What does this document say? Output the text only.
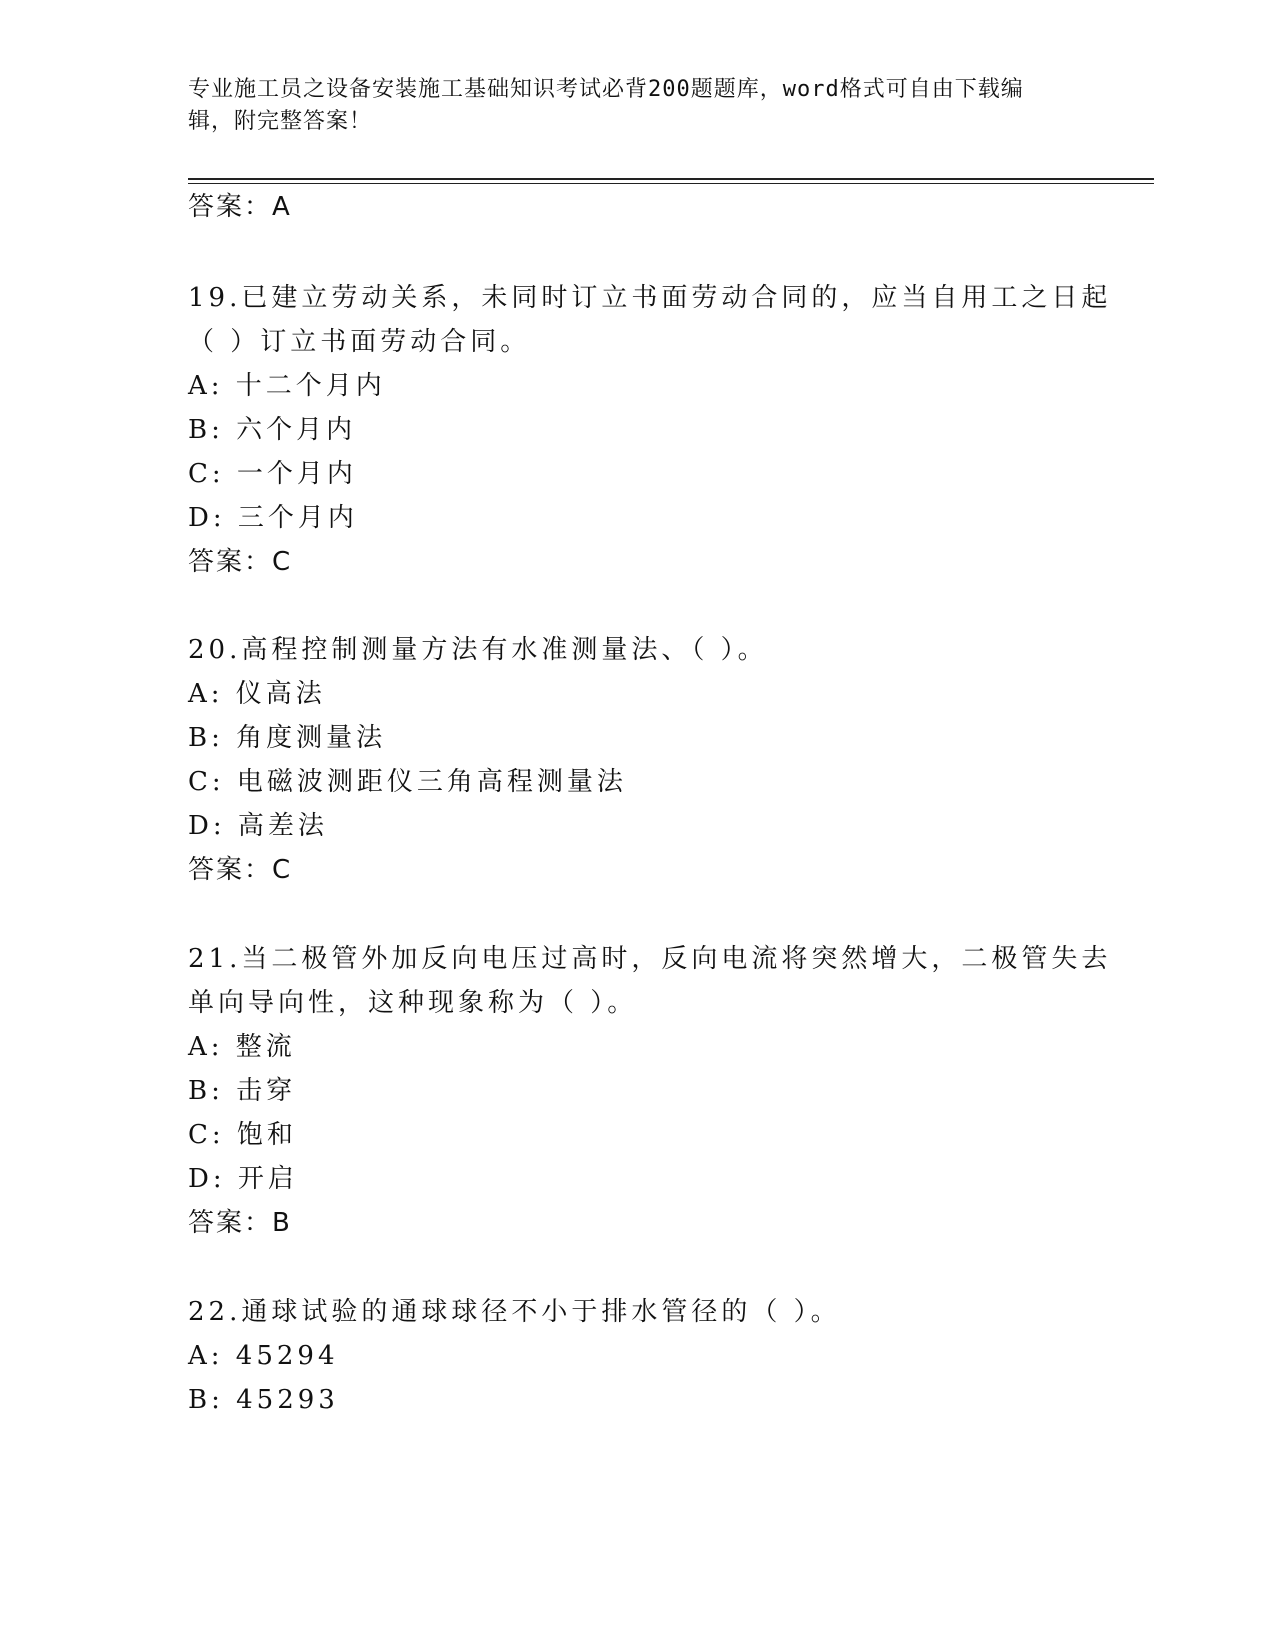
专业施工员之设备安装施工基础知识考试必背200题题库，word格式可自由下载编辑，附完整答案！
答案：A
19.已建立劳动关系，未同时订立书面劳动合同的，应当自用工之日起
（ ）订立书面劳动合同。
A: 十二个月内
B: 六个月内
C: 一个月内
D: 三个月内
答案：C
20.高程控制测量方法有水准测量法、（ ）。
A: 仪高法
B: 角度测量法
C: 电磁波测距仪三角高程测量法
D: 高差法
答案：C
21.当二极管外加反向电压过高时，反向电流将突然增大，二极管失去
单向导向性，这种现象称为（ ）。
A: 整流
B: 击穿
C: 饱和
D: 开启
答案：B
22.通球试验的通球球径不小于排水管径的（ ）。
A: 45294
B: 45293
